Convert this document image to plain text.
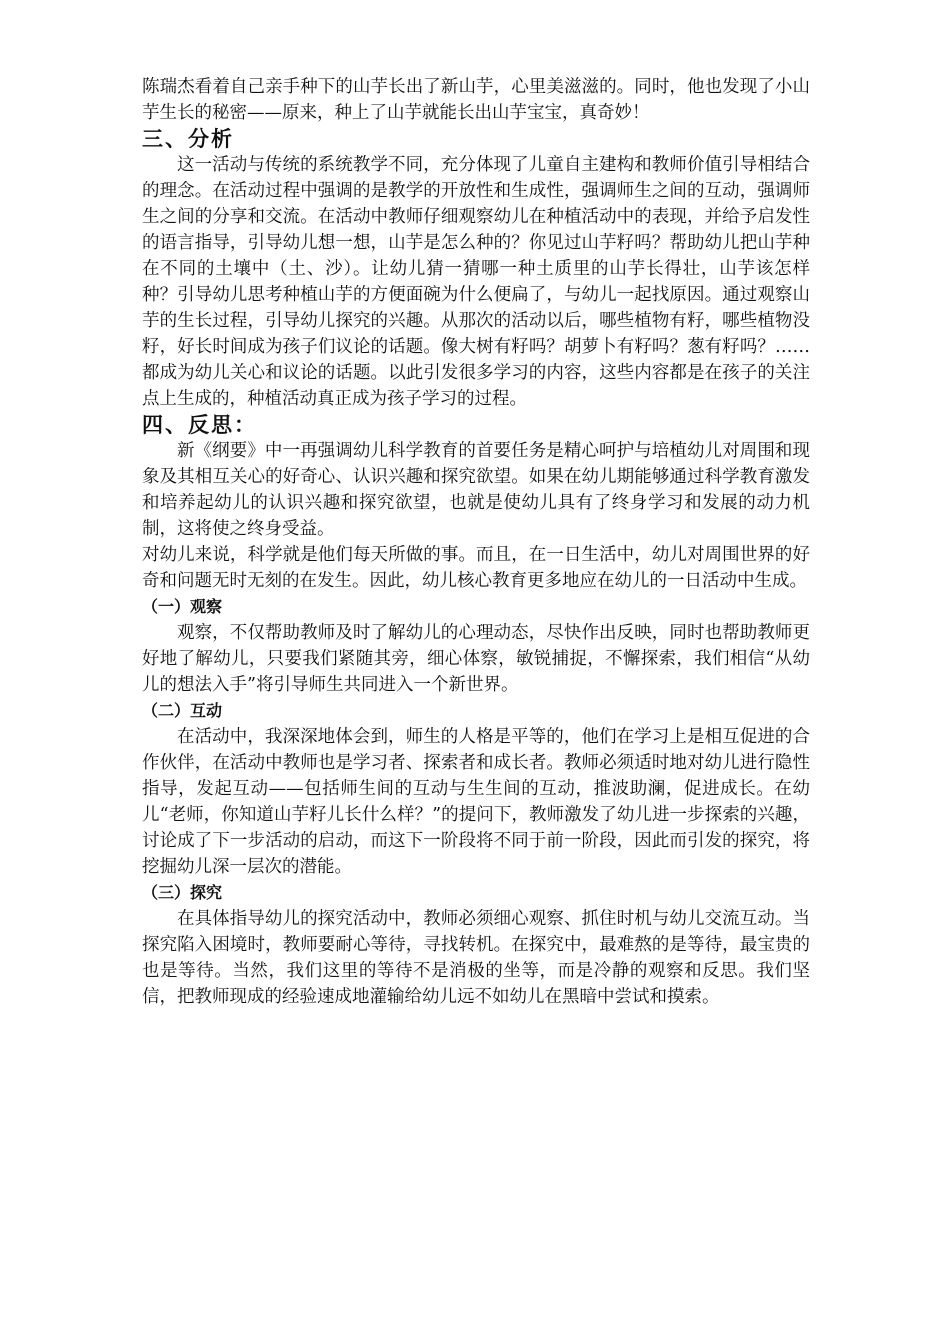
陈瑞杰看着自己亲手种下的山芋长出了新山芋，心里美滋滋的。同时，他也发现了小山芋生长的秘密——原来，种上了山芋就能长出山芋宝宝，真奇妙！

三、分析

这一活动与传统的系统教学不同，充分体现了儿童自主建构和教师价值引导相结合的理念。在活动过程中强调的是教学的开放性和生成性，强调师生之间的互动，强调师生之间的分享和交流。在活动中教师仔细观察幼儿在种植活动中的表现，并给予启发性的语言指导，引导幼儿想一想，山芋是怎么种的？你见过山芋籽吗？帮助幼儿把山芋种在不同的土壤中（土、沙）。让幼儿猜一猜哪一种土质里的山芋长得壮，山芋该怎样种？引导幼儿思考种植山芋的方便面碗为什么便扁了，与幼儿一起找原因。通过观察山芋的生长过程，引导幼儿探究的兴趣。从那次的活动以后，哪些植物有籽，哪些植物没籽，好长时间成为孩子们议论的话题。像大树有籽吗？胡萝卜有籽吗？葱有籽吗？……都成为幼儿关心和议论的话题。以此引发很多学习的内容，这些内容都是在孩子的关注点上生成的，种植活动真正成为孩子学习的过程。

四、反思：

新《纲要》中一再强调幼儿科学教育的首要任务是精心呵护与培植幼儿对周围和现象及其相互关心的好奇心、认识兴趣和探究欲望。如果在幼儿期能够通过科学教育激发和培养起幼儿的认识兴趣和探究欲望，也就是使幼儿具有了终身学习和发展的动力机制，这将使之终身受益。

对幼儿来说，科学就是他们每天所做的事。而且，在一日生活中，幼儿对周围世界的好奇和问题无时无刻的在发生。因此，幼儿核心教育更多地应在幼儿的一日活动中生成。

（一）观察

观察，不仅帮助教师及时了解幼儿的心理动态，尽快作出反映，同时也帮助教师更好地了解幼儿，只要我们紧随其旁，细心体察，敏锐捕捉，不懈探索，我们相信“从幼儿的想法入手”将引导师生共同进入一个新世界。

（二）互动

在活动中，我深深地体会到，师生的人格是平等的，他们在学习上是相互促进的合作伙伴，在活动中教师也是学习者、探索者和成长者。教师必须适时地对幼儿进行隐性指导，发起互动——包括师生间的互动与生生间的互动，推波助澜，促进成长。在幼儿“老师，你知道山芋籽儿长什么样？”的提问下，教师激发了幼儿进一步探索的兴趣，讨论成了下一步活动的启动，而这下一阶段将不同于前一阶段，因此而引发的探究，将挖掘幼儿深一层次的潜能。

（三）探究

在具体指导幼儿的探究活动中，教师必须细心观察、抓住时机与幼儿交流互动。当探究陷入困境时，教师要耐心等待，寻找转机。在探究中，最难熬的是等待，最宝贵的也是等待。当然，我们这里的等待不是消极的坐等，而是冷静的观察和反思。我们坚信，把教师现成的经验速成地灌输给幼儿远不如幼儿在黑暗中尝试和摸索。
